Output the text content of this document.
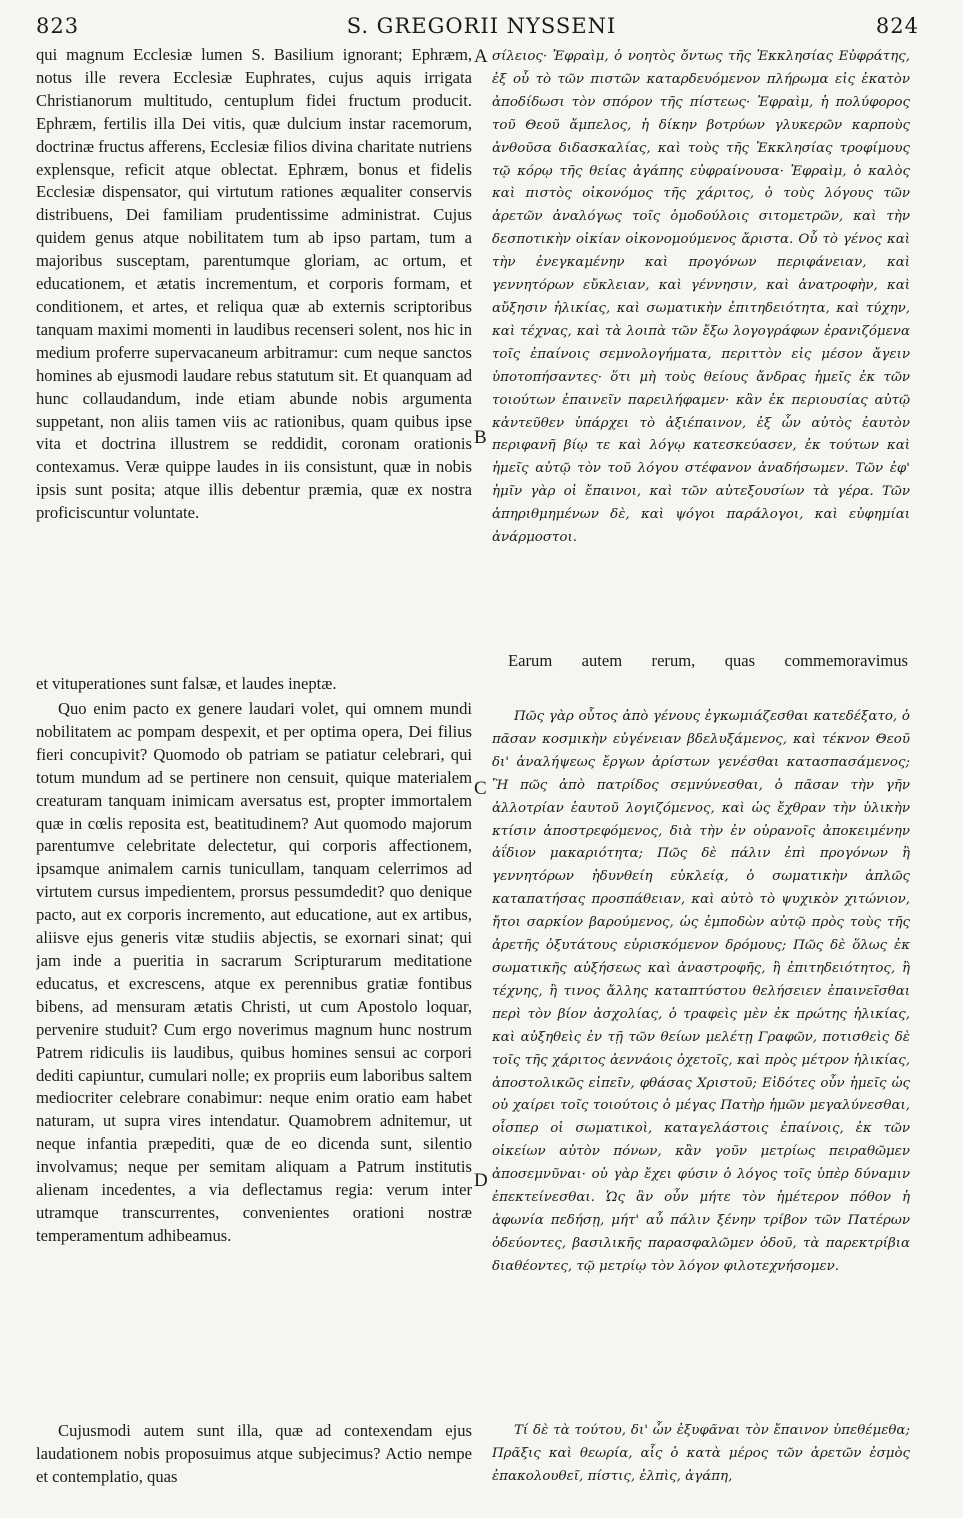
823	S. GREGORII NYSSENI	824

qui magnum Ecclesiæ lumen S. Basilium ignorant; Ephræm, notus ille revera Ecclesiæ Euphrates, cujus aquis irrigata Christianorum multitudo, centuplum fidei fructum producit. Ephræm, fertilis illa Dei vitis, quæ dulcium instar racemorum, doctrinæ fructus afferens, Ecclesiæ filios divina charitate nutriens explensque, reficit atque oblectat. Ephræm, bonus et fidelis Ecclesiæ dispensator, qui virtutum rationes æqualiter conservis distribuens, Dei familiam prudentissime administrat. Cujus quidem genus atque nobilitatem tum ab ipso partam, tum a majoribus susceptam, parentumque gloriam, ac ortum, et educationem, et ætatis incrementum, et corporis formam, et conditionem, et artes, et reliqua quæ ab externis scriptoribus tanquam maximi momenti in laudibus recenseri solent, nos hic in medium proferre supervacaneum arbitramur: cum neque sanctos homines ab ejusmodi laudare rebus statutum sit. Et quanquam ad hunc collaudandum, inde etiam abunde nobis argumenta suppetant, non aliis tamen viis ac rationibus, quam quibus ipse vita et doctrina illustrem se reddidit, coronam orationis contexamus. Veræ quippe laudes in iis consistunt, quæ in nobis ipsis sunt posita; atque illis debentur præmia, quæ ex nostra proficiscuntur voluntate.

σίλειος· Ἐφραὶμ, ὁ νοητὸς ὄντως τῆς Ἐκκλησίας Εὐφράτης, ἐξ οὗ τὸ τῶν πιστῶν καταρδευόμενον πλήρωμα εἰς ἑκατὸν ἀποδίδωσι τὸν σπόρον τῆς πίστεως· Ἐφραὶμ, ἡ πολύφορος τοῦ Θεοῦ ἄμπελος, ἡ δίκην βοτρύων γλυκερῶν καρποὺς ἀνθοῦσα διδασκαλίας, καὶ τοὺς τῆς Ἐκκλησίας τροφίμους τῷ κόρῳ τῆς θείας ἀγάπης εὐφραίνουσα· Ἐφραὶμ, ὁ καλὸς καὶ πιστὸς οἰκονόμος τῆς χάριτος, ὁ τοὺς λόγους τῶν ἀρετῶν ἀναλόγως τοῖς ὁμοδούλοις σιτομετρῶν, καὶ τὴν δεσποτικὴν οἰκίαν οἰκονομούμενος ἄριστα. Οὗ τὸ γένος καὶ τὴν ἐνεγκαμένην καὶ προγόνων περιφάνειαν, καὶ γεννητόρων εὔκλειαν, καὶ γέννησιν, καὶ ἀνατροφὴν, καὶ αὔξησιν ἡλικίας, καὶ σωματικὴν ἐπιτηδειότητα, καὶ τύχην, καὶ τέχνας, καὶ τὰ λοιπὰ τῶν ἔξω λογογράφων ἐρανιζόμενα τοῖς ἐπαίνοις σεμνολογήματα, περιττὸν εἰς μέσον ἄγειν ὑποτοπήσαντες· ὅτι μὴ τοὺς θείους ἄνδρας ἡμεῖς ἐκ τῶν τοιούτων ἐπαινεῖν παρειλήφαμεν· κἂν ἐκ περιουσίας αὐτῷ κἀντεῦθεν ὑπάρχει τὸ ἀξιέπαινον, ἐξ ὧν αὐτὸς ἑαυτὸν περιφανῆ βίῳ τε καὶ λόγῳ κατεσκεύασεν, ἐκ τούτων καὶ ἡμεῖς αὐτῷ τὸν τοῦ λόγου στέφανον ἀναδήσωμεν. Τῶν ἐφ' ἡμῖν γὰρ οἱ ἔπαινοι, καὶ τῶν αὐτεξουσίων τὰ γέρα. Τῶν ἀπηριθμημένων δὲ, καὶ ψόγοι παράλογοι, καὶ εὐφημίαι ἀνάρμοστοι.

Earum autem rerum, quas commemoravimus

et vituperationes sunt falsæ, et laudes ineptæ.

Quo enim pacto ex genere laudari volet, qui omnem mundi nobilitatem ac pompam despexit, et per optima opera, Dei filius fieri concupivit? Quomodo ob patriam se patiatur celebrari, qui totum mundum ad se pertinere non censuit, quique materialem creaturam tanquam inimicam aversatus est, propter immortalem quæ in cœlis reposita est, beatitudinem? Aut quomodo majorum parentumve celebritate delectetur, qui corporis affectionem, ipsamque animalem carnis tunicullam, tanquam celerrimos ad virtutem cursus impedientem, prorsus pessumdedit? quo denique pacto, aut ex corporis incremento, aut educatione, aut ex artibus, aliisve ejus generis vitæ studiis abjectis, se exornari sinat; qui jam inde a pueritia in sacrarum Scripturarum meditatione educatus, et excrescens, atque ex perennibus gratiæ fontibus bibens, ad mensuram ætatis Christi, ut cum Apostolo loquar, pervenire studuit? Cum ergo noverimus magnum hunc nostrum Patrem ridiculis iis laudibus, quibus homines sensui ac corpori dediti capiuntur, cumulari nolle; ex propriis eum laboribus saltem mediocriter celebrare conabimur: neque enim oratio eam habet naturam, ut supra vires intendatur. Quamobrem adnitemur, ut neque infantia præpediti, quæ de eo dicenda sunt, silentio involvamus; neque per semitam aliquam a Patrum institutis alienam incedentes, a via deflectamus regia: verum inter utramque transcurrentes, convenientes orationi nostræ temperamentum adhibeamus.

Πῶς γὰρ οὗτος ἀπὸ γένους ἐγκωμιάζεσθαι κατεδέξατο, ὁ πᾶσαν κοσμικὴν εὐγένειαν βδελυξάμενος, καὶ τέκνον Θεοῦ δι' ἀναλήψεως ἔργων ἀρίστων γενέσθαι κατασπασάμενος; Ἢ πῶς ἀπὸ πατρίδος σεμνύνεσθαι, ὁ πᾶσαν τὴν γῆν ἀλλοτρίαν ἑαυτοῦ λογιζόμενος, καὶ ὡς ἔχθραν τὴν ὑλικὴν κτίσιν ἀποστρεφόμενος, διὰ τὴν ἐν οὐρανοῖς ἀποκειμένην ἀΐδιον μακαριότητα; Πῶς δὲ πάλιν ἐπὶ προγόνων ἢ γεννητόρων ἡδυνθείη εὐκλείᾳ, ὁ σωματικὴν ἁπλῶς καταπατήσας προσπάθειαν, καὶ αὐτὸ τὸ ψυχικὸν χιτώνιον, ἤτοι σαρκίον βαρούμενος, ὡς ἐμποδὼν αὐτῷ πρὸς τοὺς τῆς ἀρετῆς ὀξυτάτους εὑρισκόμενον δρόμους; Πῶς δὲ ὅλως ἐκ σωματικῆς αὐξήσεως καὶ ἀναστροφῆς, ἢ ἐπιτηδειότητος, ἢ τέχνης, ἢ τινος ἄλλης καταπτύστου θελήσειεν ἐπαινεῖσθαι περὶ τὸν βίον ἀσχολίας, ὁ τραφεὶς μὲν ἐκ πρώτης ἡλικίας, καὶ αὐξηθεὶς ἐν τῇ τῶν θείων μελέτῃ Γραφῶν, ποτισθεὶς δὲ τοῖς τῆς χάριτος ἀεννάοις ὀχετοῖς, καὶ πρὸς μέτρον ἡλικίας, ἀποστολικῶς εἰπεῖν, φθάσας Χριστοῦ; Εἰδότες οὖν ἡμεῖς ὡς οὐ χαίρει τοῖς τοιούτοις ὁ μέγας Πατὴρ ἡμῶν μεγαλύνεσθαι, οἷσπερ οἱ σωματικοὶ, καταγελάστοις ἐπαίνοις, ἐκ τῶν οἰκείων αὐτὸν πόνων, κἂν γοῦν μετρίως πειραθῶμεν ἀποσεμνῦναι· οὐ γὰρ ἔχει φύσιν ὁ λόγος τοῖς ὑπὲρ δύναμιν ἐπεκτείνεσθαι. Ὡς ἂν οὖν μήτε τὸν ἡμέτερον πόθον ἡ ἀφωνία πεδήσῃ, μήτ' αὖ πάλιν ξένην τρίβον τῶν Πατέρων ὁδεύοντες, βασιλικῆς παρασφαλῶμεν ὁδοῦ, τὰ παρεκτρίβια διαθέοντες, τῷ μετρίῳ τὸν λόγον φιλοτεχνήσομεν.

Cujusmodi autem sunt illa, quæ ad contexendam ejus laudationem nobis proposuimus atque subjecimus? Actio nempe et contemplatio, quas

Τί δὲ τὰ τούτου, δι' ὧν ἐξυφᾶναι τὸν ἔπαινον ὑπεθέμεθα; Πρᾶξις καὶ θεωρία, αἷς ὁ κατὰ μέρος τῶν ἀρετῶν ἐσμὸς ἐπακολουθεῖ, πίστις, ἐλπὶς, ἀγάπη,

A
B
C
D
